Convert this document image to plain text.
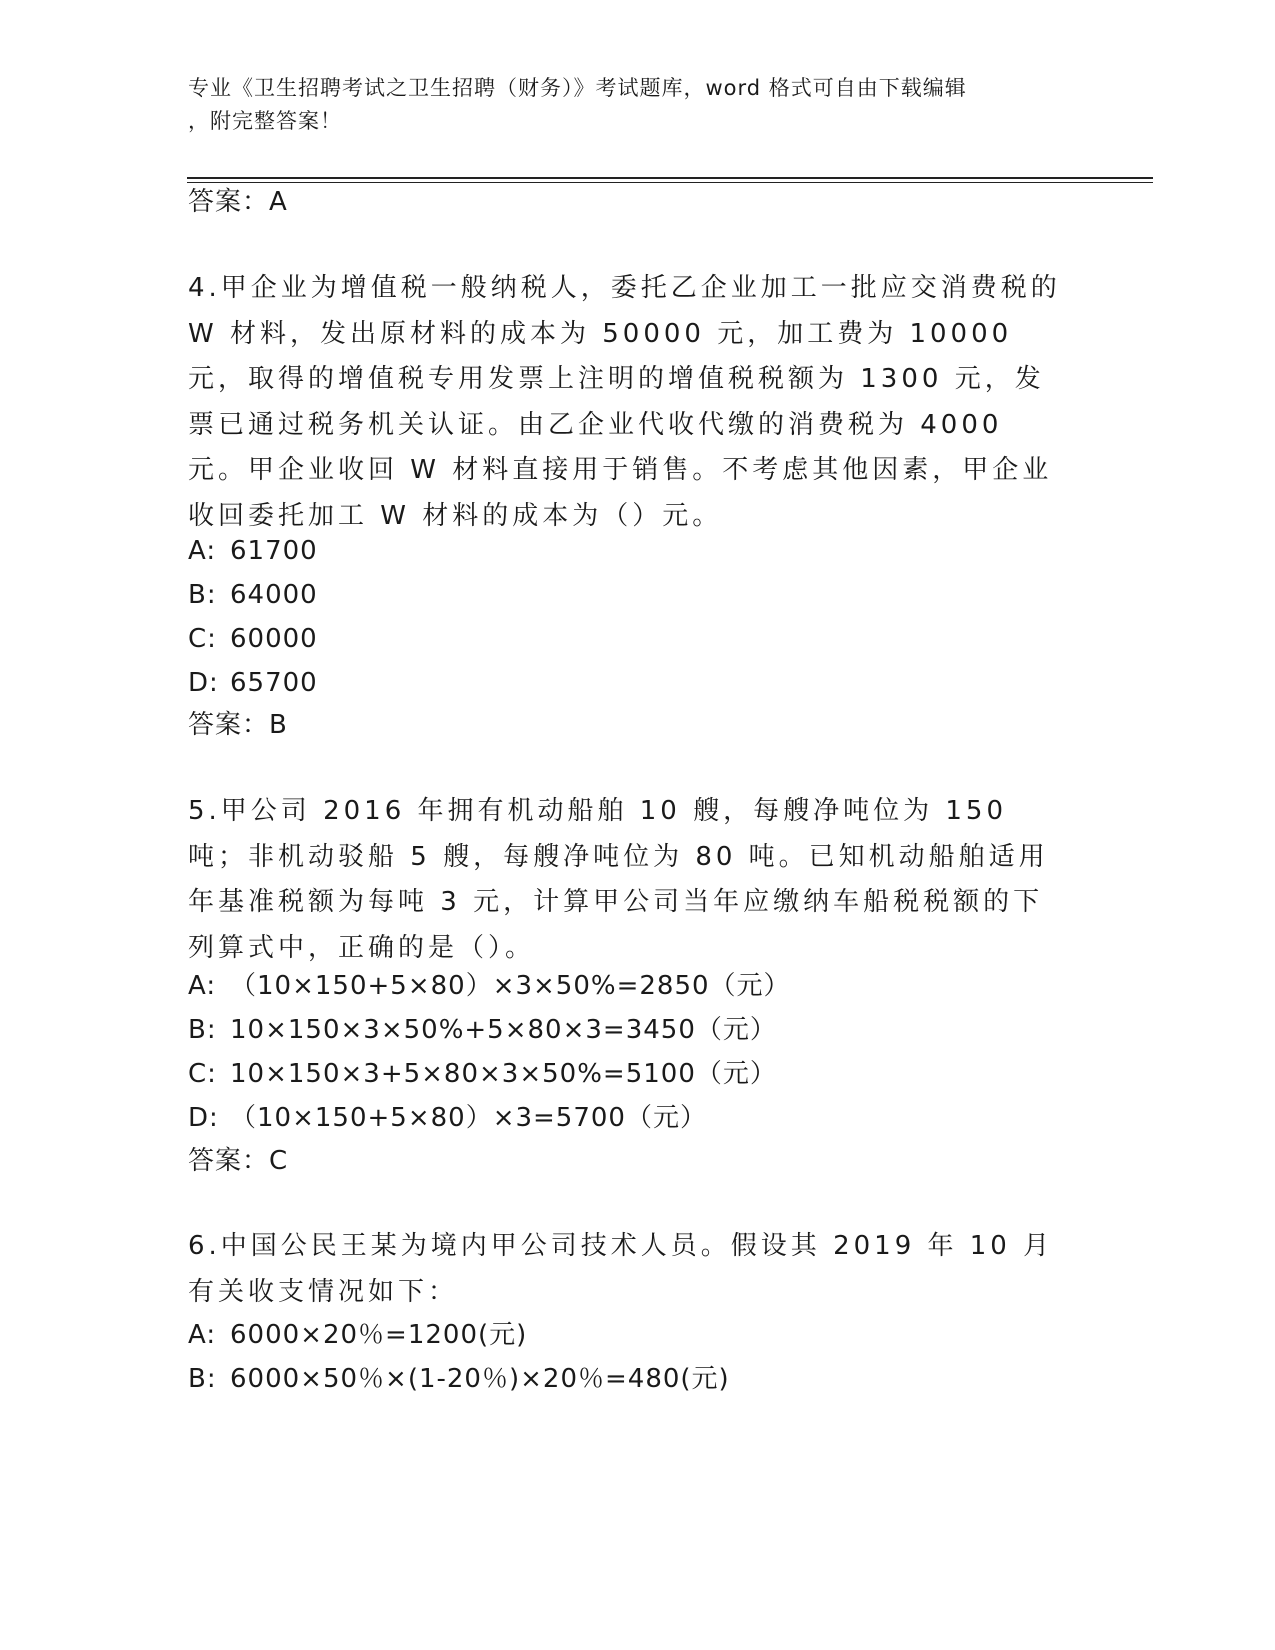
专业《卫生招聘考试之卫生招聘（财务）》考试题库，word 格式可自由下载编辑
，附完整答案！
答案：A
4.甲企业为增值税一般纳税人，委托乙企业加工一批应交消费税的 W 材料，发出原材料的成本为 50000 元，加工费为 10000 元，取得的增值税专用发票上注明的增值税税额为 1300 元，发票已通过税务机关认证。由乙企业代收代缴的消费税为 4000 元。甲企业收回 W 材料直接用于销售。不考虑其他因素，甲企业收回委托加工 W 材料的成本为（）元。
A: 61700
B: 64000
C: 60000
D: 65700
答案：B
5.甲公司 2016 年拥有机动船舶 10 艘，每艘净吨位为 150 吨；非机动驳船 5 艘，每艘净吨位为 80 吨。已知机动船舶适用年基准税额为每吨 3 元，计算甲公司当年应缴纳车船税税额的下列算式中，正确的是（）。
A: （10×150+5×80）×3×50%=2850（元）
B: 10×150×3×50%+5×80×3=3450（元）
C: 10×150×3+5×80×3×50%=5100（元）
D: （10×150+5×80）×3=5700（元）
答案：C
6.中国公民王某为境内甲公司技术人员。假设其 2019 年 10 月有关收支情况如下：
A: 6000×20％=1200(元)
B: 6000×50％×(1-20％)×20％=480(元)
